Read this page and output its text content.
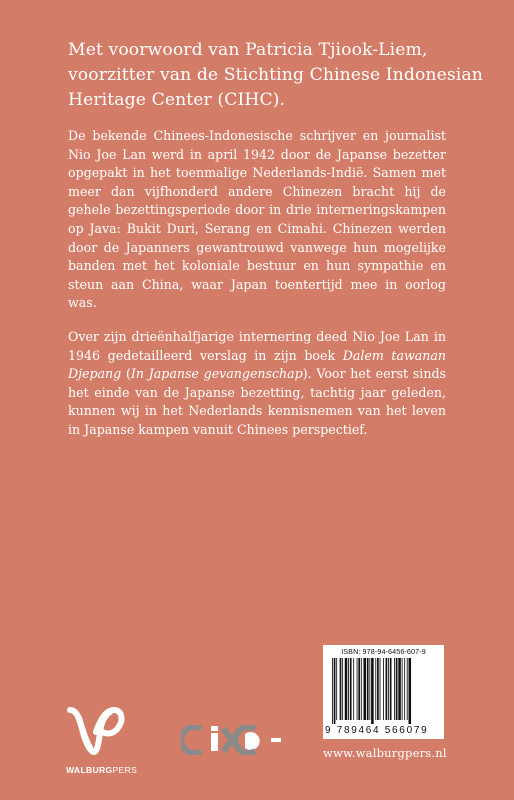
Met voorwoord van Patricia Tjiook-Liem, voorzitter van de Stichting Chinese Indonesian Heritage Center (CIHC).

De bekende Chinees-Indonesische schrijver en journalist Nio Joe Lan werd in april 1942 door de Japanse bezetter opgepakt in het toenmalige Nederlands-Indië. Samen met meer dan vijfhonderd andere Chinezen bracht hij de gehele bezettingsperiode door in drie interneringskampen op Java: Bukit Duri, Serang en Cimahi. Chinezen werden door de Japanners gewantrouwd vanwege hun mogelijke banden met het koloniale bestuur en hun sympathie en steun aan China, waar Japan toentertijd mee in oorlog was.

Over zijn drieënhalfjarige internering deed Nio Joe Lan in 1946 gedetailleerd verslag in zijn boek Dalem tawanan Djepang (In Japanse gevangenschap). Voor het eerst sinds het einde van de Japanse bezetting, tachtig jaar geleden, kunnen wij in het Nederlands kennisnemen van het leven in Japanse kampen vanuit Chinees perspectief.

ISBN: 978-94-6456-607-9
9 789464 566079
www.walburgpers.nl
WALBURGPERS
